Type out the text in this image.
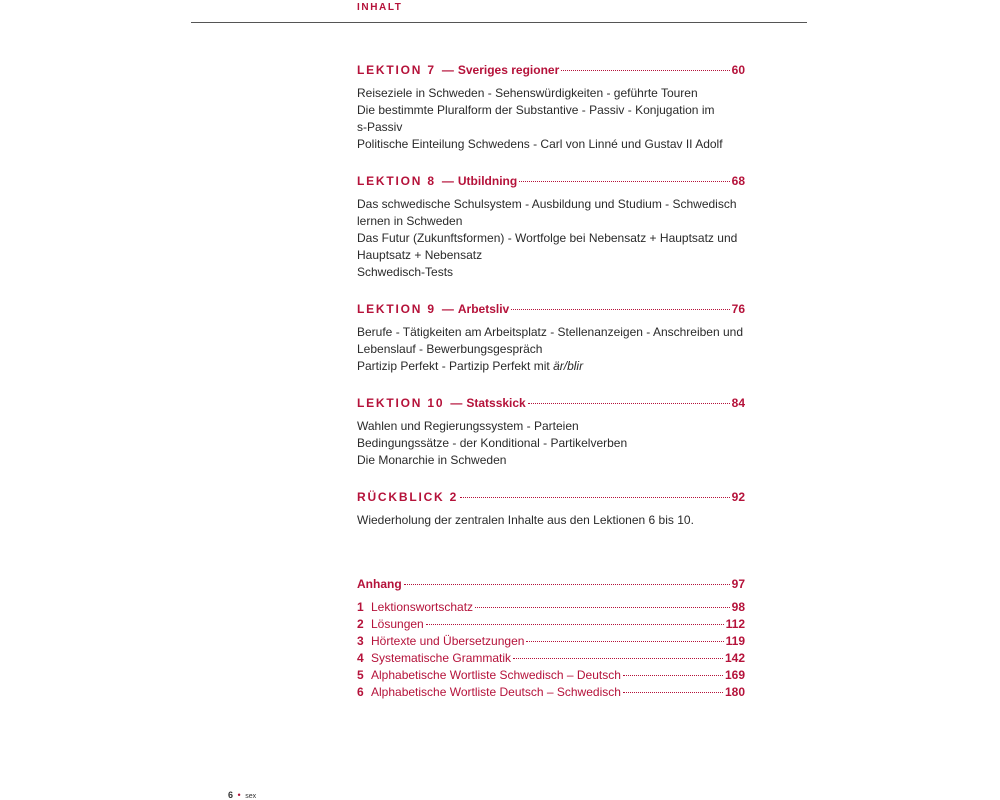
INHALT
LEKTION 7 — Sveriges regioner	60

Reiseziele in Schweden - Sehenswürdigkeiten - geführte Touren

Die bestimmte Pluralform der Substantive - Passiv - Konjugation im

s-Passiv

Politische Einteilung Schwedens - Carl von Linné und Gustav II Adolf

LEKTION 8 — Utbildning	68

Das schwedische Schulsystem - Ausbildung und Studium - Schwedisch

lernen in Schweden

Das Futur (Zukunftsformen) - Wortfolge bei Nebensatz + Hauptsatz und

Hauptsatz + Nebensatz

Schwedisch-Tests

LEKTION 9 — Arbetsliv	76

Berufe - Tätigkeiten am Arbeitsplatz - Stellenanzeigen - Anschreiben und

Lebenslauf - Bewerbungsgespräch

Partizip Perfekt - Partizip Perfekt mit är/blir

LEKTION 10 — Statsskick	84

Wahlen und Regierungssystem - Parteien

Bedingungssätze - der Konditional - Partikelverben

Die Monarchie in Schweden

RÜCKBLICK 2	92

Wiederholung der zentralen Inhalte aus den Lektionen 6 bis 10.

Anhang	97
1 Lektionswortschatz	98
2 Lösungen	112
3 Hörtexte und Übersetzungen	119
4 Systematische Grammatik	142
5 Alphabetische Wortliste Schwedisch – Deutsch	169
6 Alphabetische Wortliste Deutsch – Schwedisch	180
6 • sex
